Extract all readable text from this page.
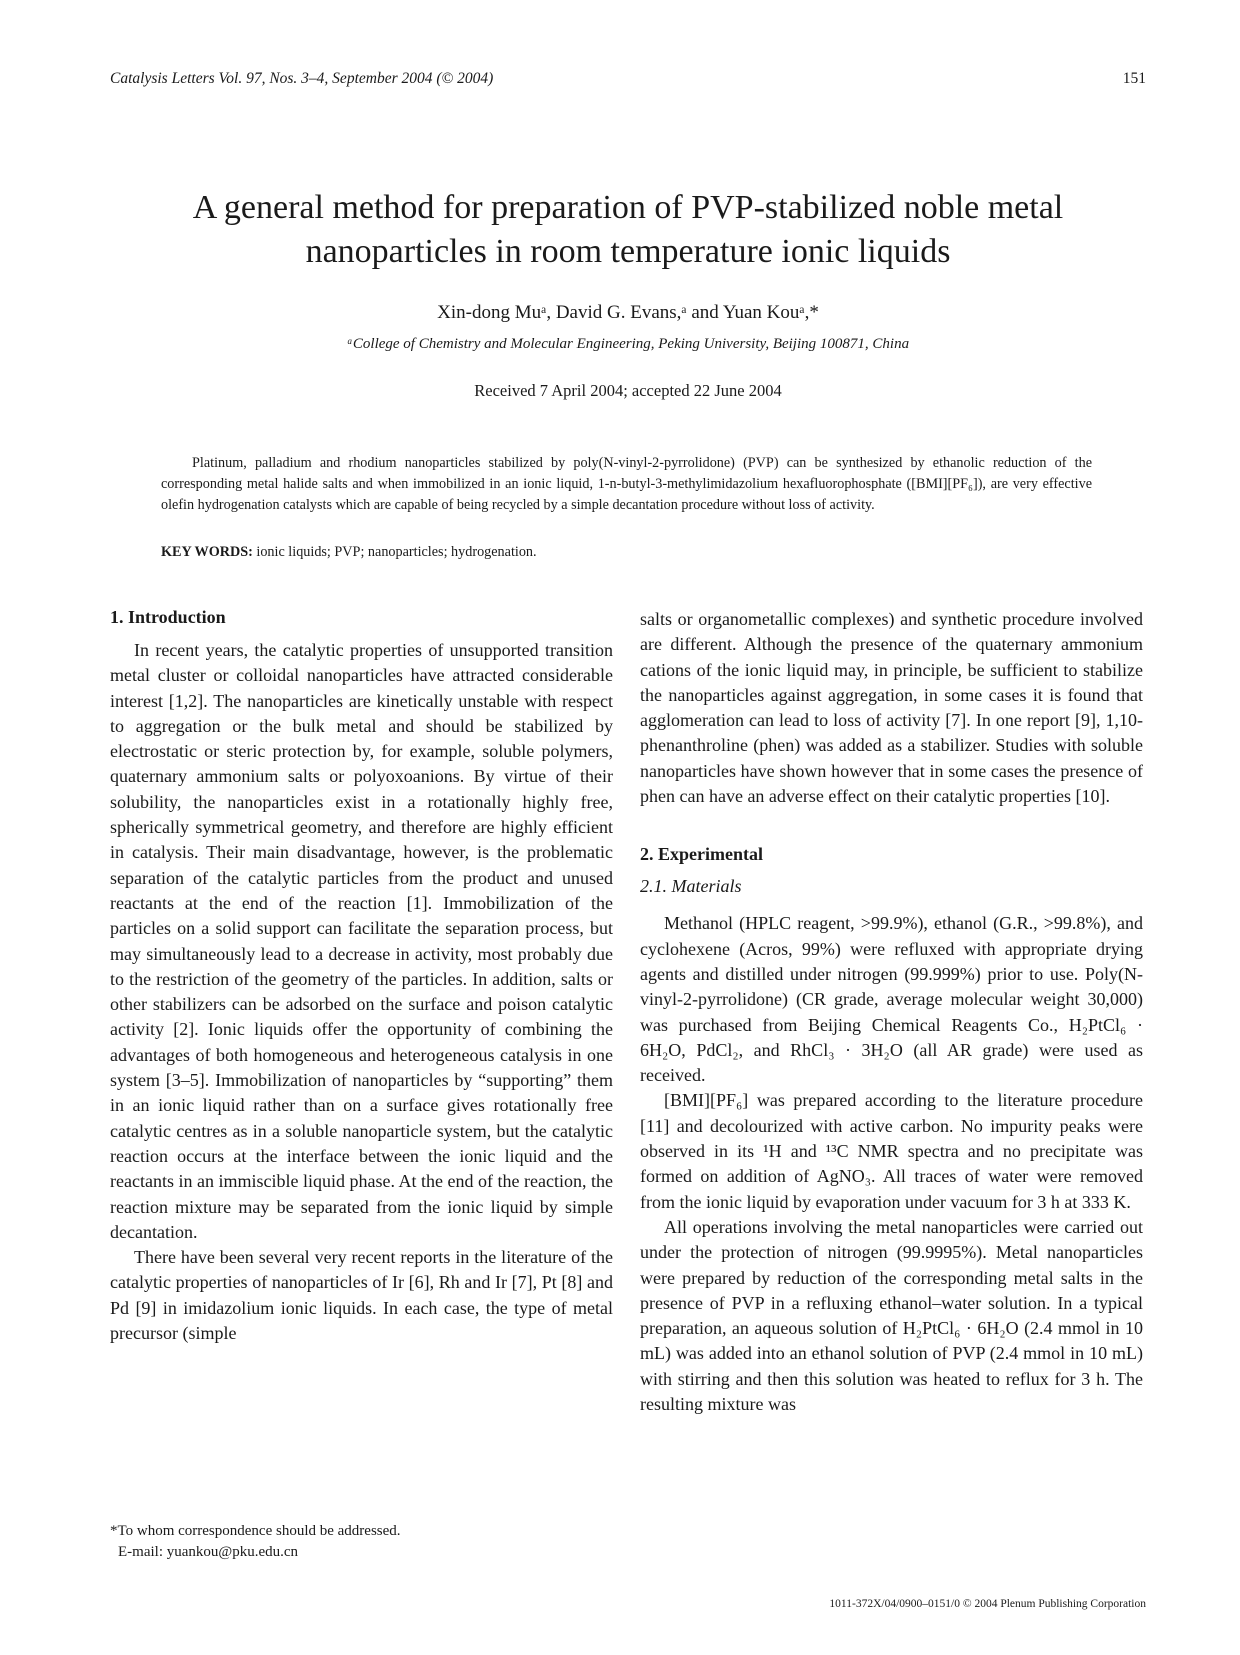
Catalysis Letters Vol. 97, Nos. 3–4, September 2004 (© 2004)	151
A general method for preparation of PVP-stabilized noble metal
nanoparticles in room temperature ionic liquids
Xin-dong Muᵃ, David G. Evans,ᵃ and Yuan Kouᵃ,*
ᵃCollege of Chemistry and Molecular Engineering, Peking University, Beijing 100871, China
Received 7 April 2004; accepted 22 June 2004

Platinum, palladium and rhodium nanoparticles stabilized by poly(N-vinyl-2-pyrrolidone) (PVP) can be synthesized by ethanolic reduction of the corresponding metal halide salts and when immobilized in an ionic liquid, 1-n-butyl-3-methylimidazolium hexafluorophosphate ([BMI][PF₆]), are very effective olefin hydrogenation catalysts which are capable of being recycled by a simple decantation procedure without loss of activity.

KEY WORDS: ionic liquids; PVP; nanoparticles; hydrogenation.
1. Introduction

In recent years, the catalytic properties of unsupported transition metal cluster or colloidal nanoparticles have attracted considerable interest [1,2]. The nanoparticles are kinetically unstable with respect to aggregation or the bulk metal and should be stabilized by electrostatic or steric protection by, for example, soluble polymers, quaternary ammonium salts or polyoxoanions. By virtue of their solubility, the nanoparticles exist in a rotationally highly free, spherically symmetrical geometry, and therefore are highly efficient in catalysis. Their main disadvantage, however, is the problematic separation of the catalytic particles from the product and unused reactants at the end of the reaction [1]. Immobilization of the particles on a solid support can facilitate the separation process, but may simultaneously lead to a decrease in activity, most probably due to the restriction of the geometry of the particles. In addition, salts or other stabilizers can be adsorbed on the surface and poison catalytic activity [2]. Ionic liquids offer the opportunity of combining the advantages of both homogeneous and heterogeneous catalysis in one system [3–5]. Immobilization of nanoparticles by “supporting” them in an ionic liquid rather than on a surface gives rotationally free catalytic centres as in a soluble nanoparticle system, but the catalytic reaction occurs at the interface between the ionic liquid and the reactants in an immiscible liquid phase. At the end of the reaction, the reaction mixture may be separated from the ionic liquid by simple decantation.

There have been several very recent reports in the literature of the catalytic properties of nanoparticles of Ir [6], Rh and Ir [7], Pt [8] and Pd [9] in imidazolium ionic liquids. In each case, the type of metal precursor (simple

salts or organometallic complexes) and synthetic procedure involved are different. Although the presence of the quaternary ammonium cations of the ionic liquid may, in principle, be sufficient to stabilize the nanoparticles against aggregation, in some cases it is found that agglomeration can lead to loss of activity [7]. In one report [9], 1,10-phenanthroline (phen) was added as a stabilizer. Studies with soluble nanoparticles have shown however that in some cases the presence of phen can have an adverse effect on their catalytic properties [10].

2. Experimental
2.1. Materials

Methanol (HPLC reagent, >99.9%), ethanol (G.R., >99.8%), and cyclohexene (Acros, 99%) were refluxed with appropriate drying agents and distilled under nitrogen (99.999%) prior to use. Poly(N-vinyl-2-pyrrolidone) (CR grade, average molecular weight 30,000) was purchased from Beijing Chemical Reagents Co., H₂PtCl₆ · 6H₂O, PdCl₂, and RhCl₃ · 3H₂O (all AR grade) were used as received.

[BMI][PF₆] was prepared according to the literature procedure [11] and decolourized with active carbon. No impurity peaks were observed in its ¹H and ¹³C NMR spectra and no precipitate was formed on addition of AgNO₃. All traces of water were removed from the ionic liquid by evaporation under vacuum for 3 h at 333 K.

All operations involving the metal nanoparticles were carried out under the protection of nitrogen (99.9995%). Metal nanoparticles were prepared by reduction of the corresponding metal salts in the presence of PVP in a refluxing ethanol–water solution. In a typical preparation, an aqueous solution of H₂PtCl₆ · 6H₂O (2.4 mmol in 10 mL) was added into an ethanol solution of PVP (2.4 mmol in 10 mL) with stirring and then this solution was heated to reflux for 3 h. The resulting mixture was

*To whom correspondence should be addressed.
E-mail: yuankou@pku.edu.cn
1011-372X/04/0900–0151/0 © 2004 Plenum Publishing Corporation
